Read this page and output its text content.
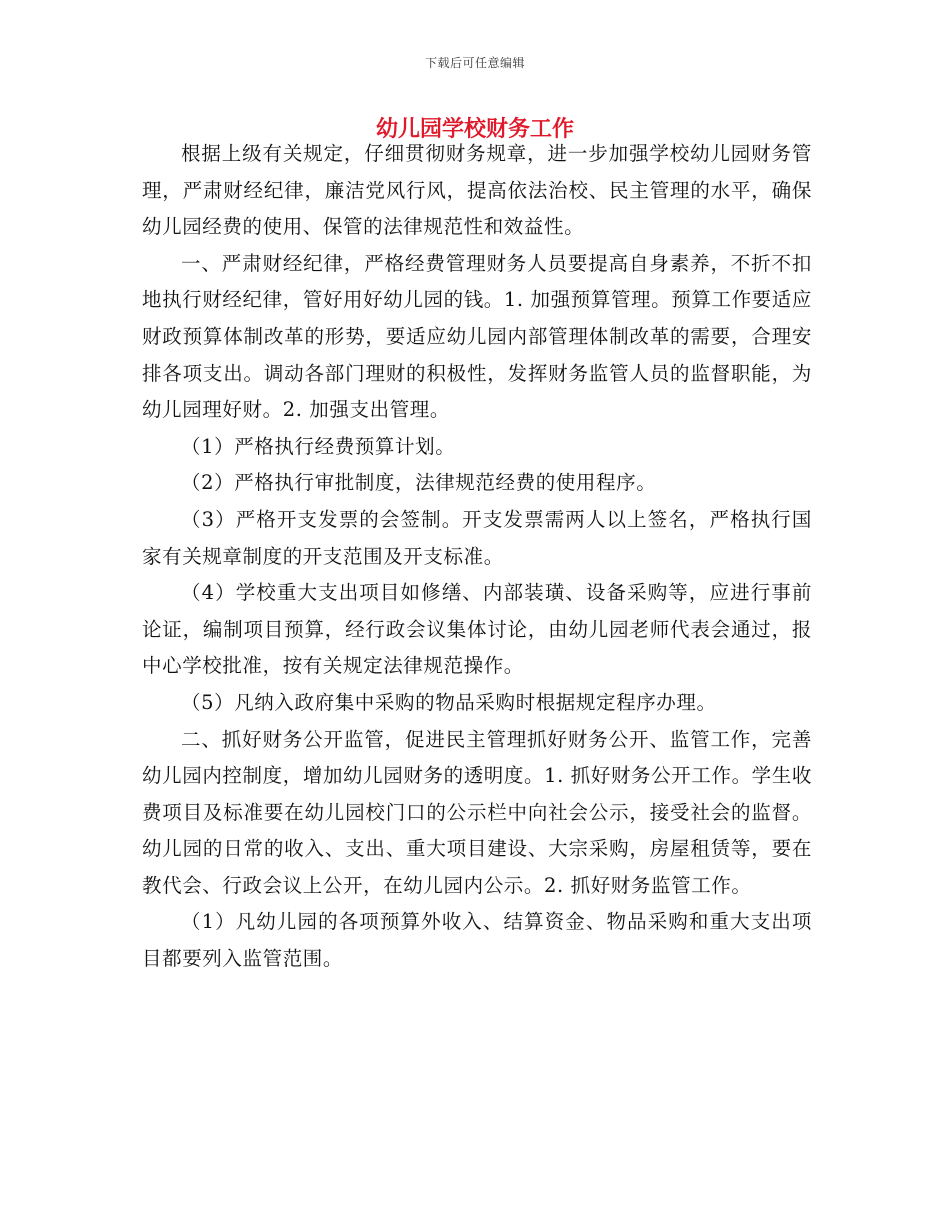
下载后可任意编辑
幼儿园学校财务工作

根据上级有关规定，仔细贯彻财务规章，进一步加强学校幼儿园财务管理，严肃财经纪律，廉洁党风行风，提高依法治校、民主管理的水平，确保幼儿园经费的使用、保管的法律规范性和效益性。

一、严肃财经纪律，严格经费管理财务人员要提高自身素养，不折不扣地执行财经纪律，管好用好幼儿园的钱。1. 加强预算管理。预算工作要适应财政预算体制改革的形势，要适应幼儿园内部管理体制改革的需要，合理安排各项支出。调动各部门理财的积极性，发挥财务监管人员的监督职能，为幼儿园理好财。2. 加强支出管理。

（1）严格执行经费预算计划。

（2）严格执行审批制度，法律规范经费的使用程序。

（3）严格开支发票的会签制。开支发票需两人以上签名，严格执行国家有关规章制度的开支范围及开支标准。

（4）学校重大支出项目如修缮、内部装璜、设备采购等，应进行事前论证，编制项目预算，经行政会议集体讨论，由幼儿园老师代表会通过，报中心学校批准，按有关规定法律规范操作。

（5）凡纳入政府集中采购的物品采购时根据规定程序办理。

二、抓好财务公开监管，促进民主管理抓好财务公开、监管工作，完善幼儿园内控制度，增加幼儿园财务的透明度。1. 抓好财务公开工作。学生收费项目及标准要在幼儿园校门口的公示栏中向社会公示，接受社会的监督。幼儿园的日常的收入、支出、重大项目建设、大宗采购，房屋租赁等，要在教代会、行政会议上公开，在幼儿园内公示。2. 抓好财务监管工作。

（1）凡幼儿园的各项预算外收入、结算资金、物品采购和重大支出项目都要列入监管范围。
